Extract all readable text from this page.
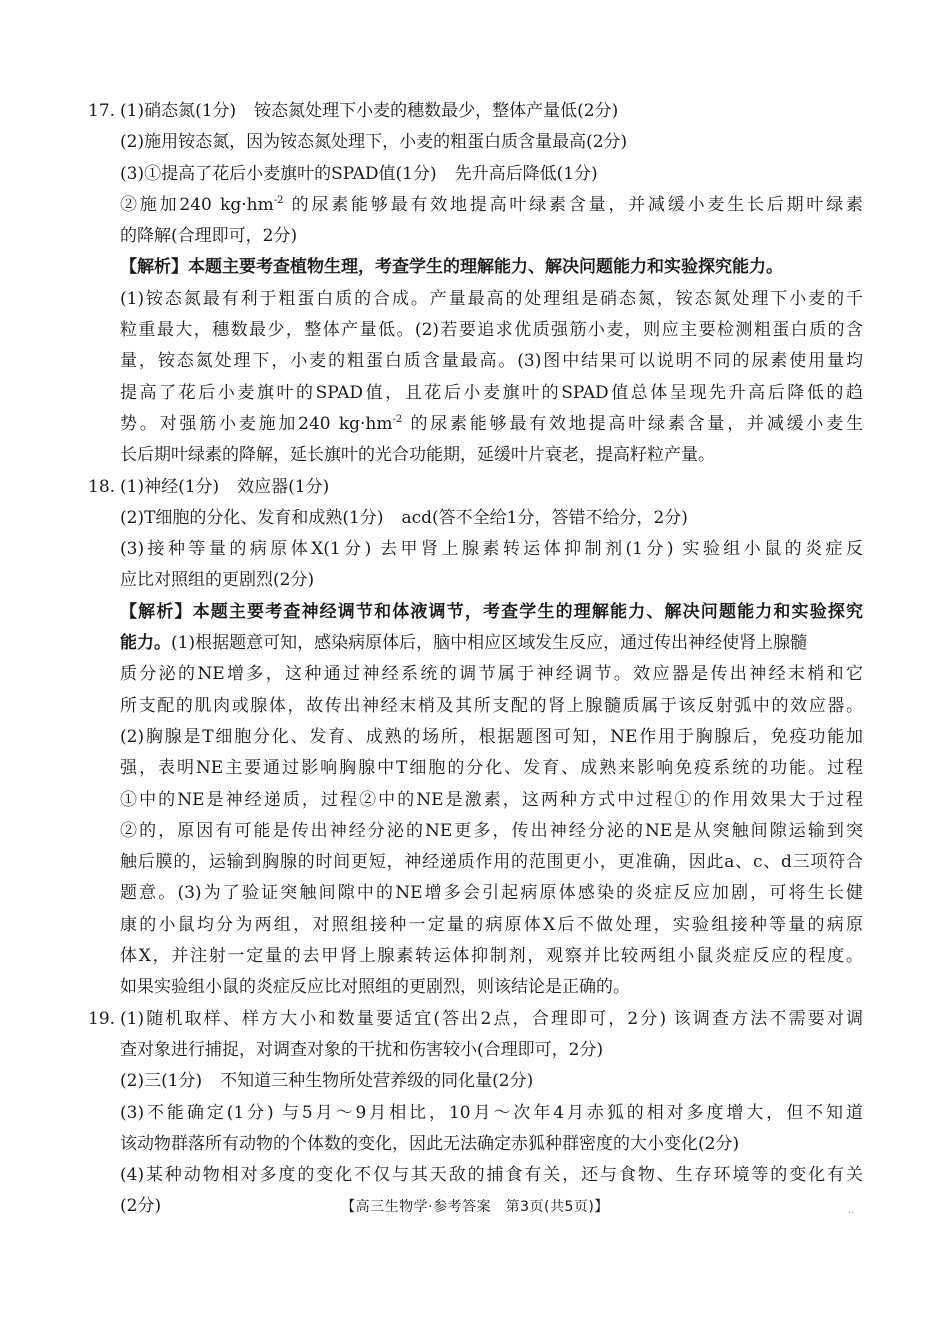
17. (1)硝态氮(1分) 铵态氮处理下小麦的穗数最少，整体产量低(2分)
(2)施用铵态氮，因为铵态氮处理下，小麦的粗蛋白质含量最高(2分)
(3)①提高了花后小麦旗叶的SPAD值(1分) 先升高后降低(1分)
②施加240 $kg\cdot hm^{-2}$ 的尿素能够最有效地提高叶绿素含量，并减缓小麦生长后期叶绿素
的降解(合理即可，2分)
【解析】本题主要考查植物生理，考查学生的理解能力、解决问题能力和实验探究能力。
(1)铵态氮最有利于粗蛋白质的合成。产量最高的处理组是硝态氮，铵态氮处理下小麦的千
粒重最大，穗数最少，整体产量低。(2)若要追求优质强筋小麦，则应主要检测粗蛋白质的含
量，铵态氮处理下，小麦的粗蛋白质含量最高。(3)图中结果可以说明不同的尿素使用量均
提高了花后小麦旗叶的SPAD值，且花后小麦旗叶的SPAD值总体呈现先升高后降低的趋
势。对强筋小麦施加240 $kg\cdot hm^{-2}$ 的尿素能够最有效地提高叶绿素含量，并减缓小麦生
长后期叶绿素的降解，延长旗叶的光合功能期，延缓叶片衰老，提高籽粒产量。
18. (1)神经(1分) 效应器(1分)
(2)T细胞的分化、发育和成熟(1分) acd(答不全给1分，答错不给分，2分)
(3)接种等量的病原体X(1分) 去甲肾上腺素转运体抑制剂(1分) 实验组小鼠的炎症反
应比对照组的更剧烈(2分)
【解析】本题主要考查神经调节和体液调节，考查学生的理解能力、解决问题能力和实验探究
能力。(1)根据题意可知，感染病原体后，脑中相应区域发生反应，通过传出神经使肾上腺髓
质分泌的NE增多，这种通过神经系统的调节属于神经调节。效应器是传出神经末梢和它
所支配的肌肉或腺体，故传出神经末梢及其所支配的肾上腺髓质属于该反射弧中的效应器。
(2)胸腺是T细胞分化、发育、成熟的场所，根据题图可知，NE作用于胸腺后，免疫功能加
强，表明NE主要通过影响胸腺中T细胞的分化、发育、成熟来影响免疫系统的功能。过程
①中的NE是神经递质，过程②中的NE是激素，这两种方式中过程①的作用效果大于过程
②的，原因有可能是传出神经分泌的NE更多，传出神经分泌的NE是从突触间隙运输到突
触后膜的，运输到胸腺的时间更短，神经递质作用的范围更小，更准确，因此a、c、d三项符合
题意。(3)为了验证突触间隙中的NE增多会引起病原体感染的炎症反应加剧，可将生长健
康的小鼠均分为两组，对照组接种一定量的病原体X后不做处理，实验组接种等量的病原
体X，并注射一定量的去甲肾上腺素转运体抑制剂，观察并比较两组小鼠炎症反应的程度。
如果实验组小鼠的炎症反应比对照组的更剧烈，则该结论是正确的。
19. (1)随机取样、样方大小和数量要适宜(答出2点，合理即可，2分) 该调查方法不需要对调
查对象进行捕捉，对调查对象的干扰和伤害较小(合理即可，2分)
(2)三(1分) 不知道三种生物所处营养级的同化量(2分)
(3)不能确定(1分) 与5月～9月相比，10月～次年4月赤狐的相对多度增大，但不知道
该动物群落所有动物的个体数的变化，因此无法确定赤狐种群密度的大小变化(2分)
(4)某种动物相对多度的变化不仅与其天敌的捕食有关，还与食物、生存环境等的变化有关
(2分)	【高三生物学·参考答案　第3页(共5页)】	··
